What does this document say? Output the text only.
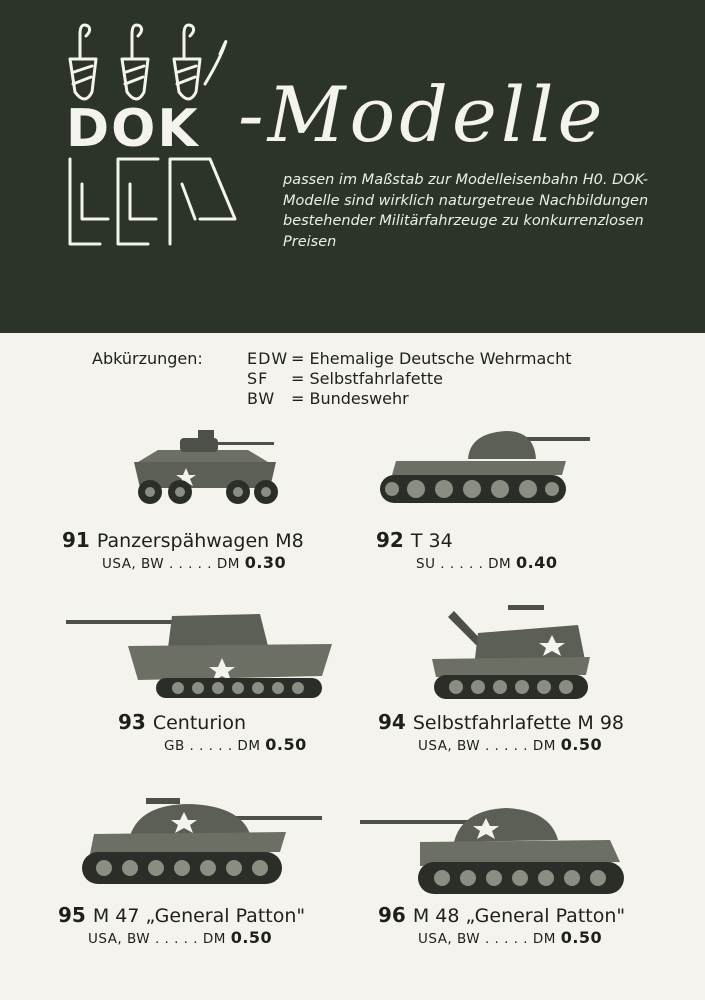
DOK -Modelle
passen im Maßstab zur Modelleisenbahn H0. DOK-Modelle sind wirklich naturgetreue Nachbildungen bestehender Militärfahrzeuge zu konkurrenzlosen Preisen
Abkürzungen:	EDW = Ehemalige Deutsche Wehrmacht
SF	= Selbstfahrlafette
BW = Bundeswehr
91 Panzerspähwagen M8
USA, BW . . . . . DM 0.30
92 T 34
SU . . . . . DM 0.40
93 Centurion
GB . . . . . DM 0.50
94 Selbstfahrlafette M 98
USA, BW . . . . . DM 0.50
95 M 47 „General Patton"
USA, BW . . . . . DM 0.50
96 M 48 „General Patton"
USA, BW . . . . . DM 0.50
